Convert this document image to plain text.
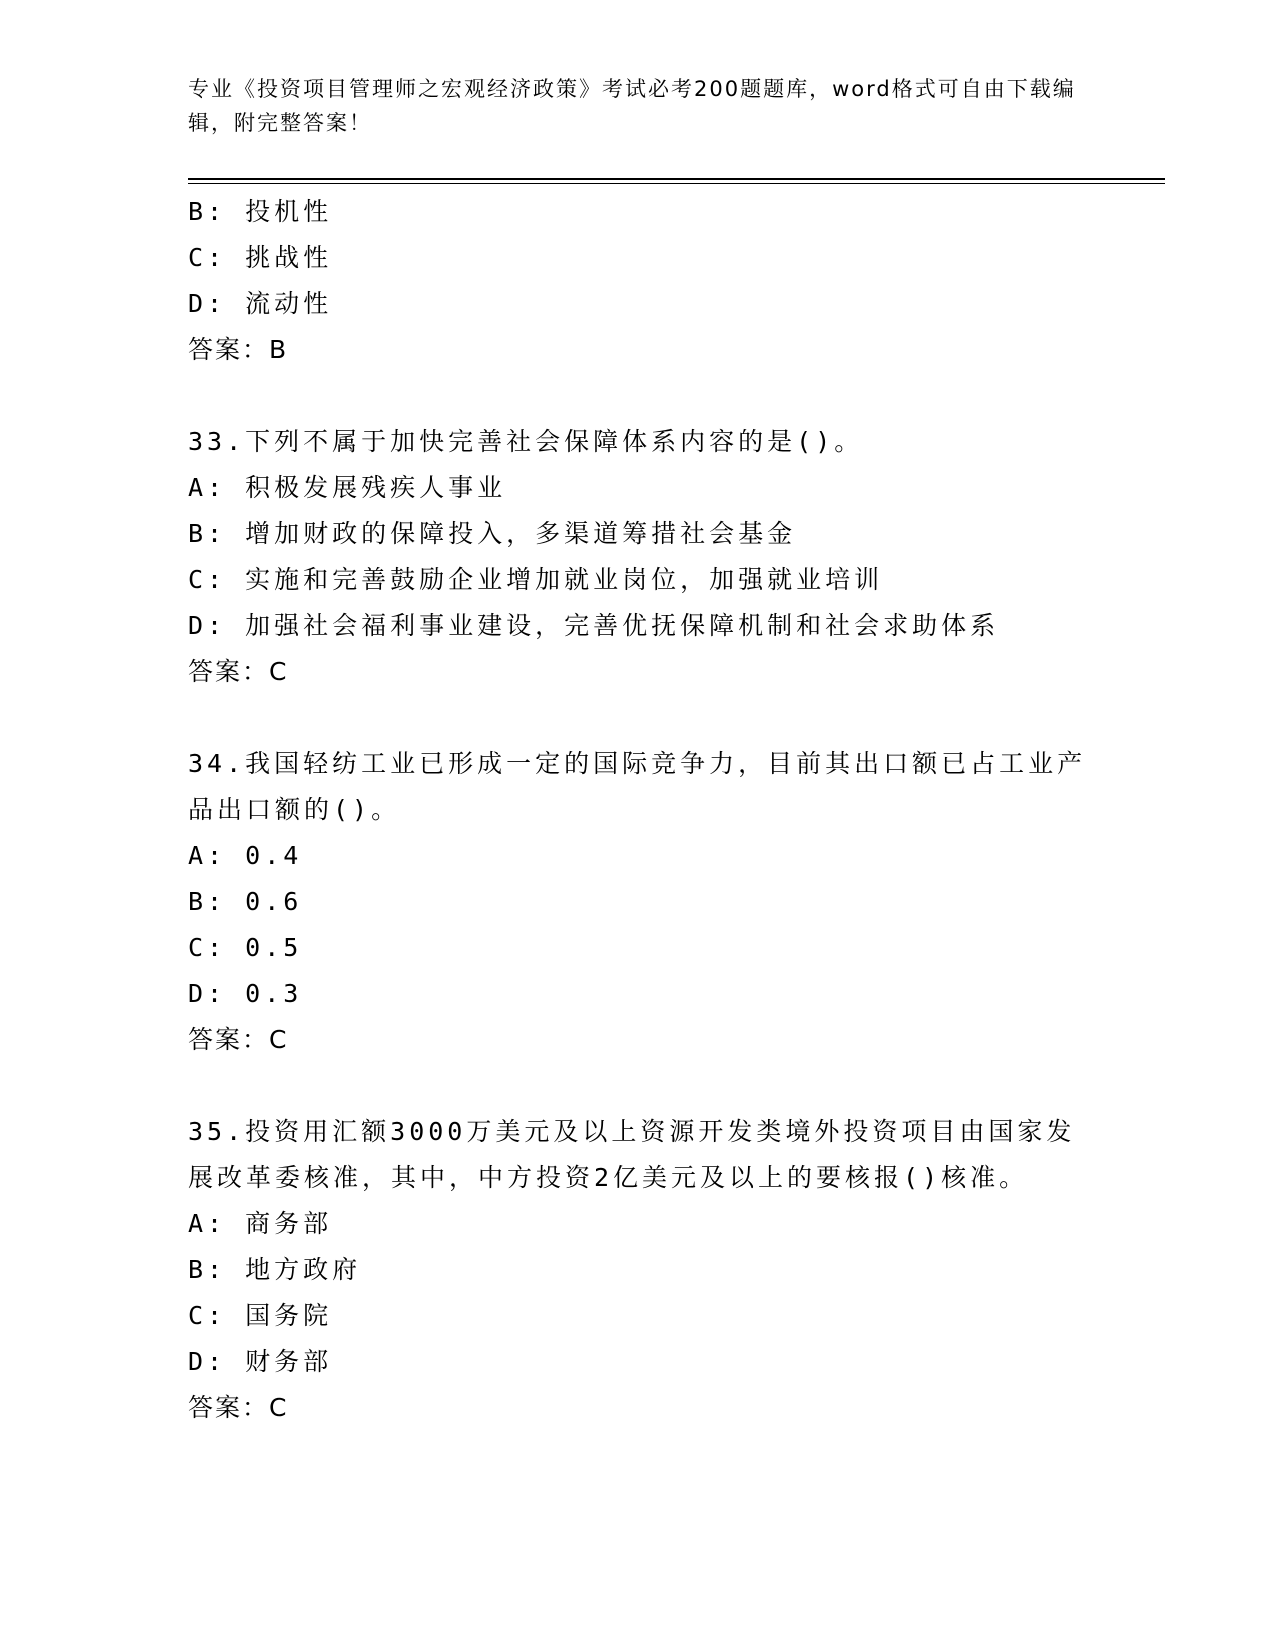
专业《投资项目管理师之宏观经济政策》考试必考200题题库，word格式可自由下载编辑，附完整答案！
B: 投机性
C: 挑战性
D: 流动性
答案：B
33.下列不属于加快完善社会保障体系内容的是()。
A: 积极发展残疾人事业
B: 增加财政的保障投入，多渠道筹措社会基金
C: 实施和完善鼓励企业增加就业岗位，加强就业培训
D: 加强社会福利事业建设，完善优抚保障机制和社会求助体系
答案：C
34.我国轻纺工业已形成一定的国际竞争力，目前其出口额已占工业产品出口额的()。
A: 0.4
B: 0.6
C: 0.5
D: 0.3
答案：C
35.投资用汇额3000万美元及以上资源开发类境外投资项目由国家发展改革委核准，其中，中方投资2亿美元及以上的要核报()核准。
A: 商务部
B: 地方政府
C: 国务院
D: 财务部
答案：C
